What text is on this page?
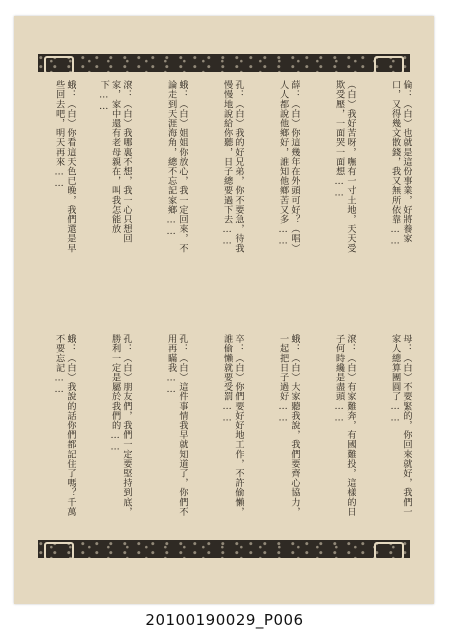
倫：（白）也就是這份事業，好將養家口，又得幾文散錢，我又無所依靠……
（白）我好苦呀，嘸有一寸土地，天天受欺受壓，一面哭一面想……
薛：（白）你這幾年在外頭可好？（唱）人人都說他鄉好，誰知他鄉苦又多……
孔：（白）我的好兄弟，你不要急，待我慢慢地說給你聽，日子總要過下去……
蛾：（白）姐姐你放心，我一定回來，不論走到天涯海角，總不忘記家鄉……
滾：（白）我哪裏不想，我一心只想回家，家中還有老母親在，叫我怎能放下……
蛾：（白）你看這天色已晚，我們還是早些回去吧，明天再來……
母：（白）不要緊的，你回來就好，我們一家人總算團圓了……
滾：（白）有家難奔，有國難投，這樣的日子何時纔是盡頭……
蛾：（白）大家聽我說，我們要齊心協力，一起把日子過好……
卒：（白）你們要好好地工作，不許偷懶，誰偷懶就要受罰……
孔：（白）這件事情我早就知道了，你們不用再瞞我……
孔：（白）朋友們，我們一定要堅持到底，勝利一定是屬於我們的……
蛾：（白）我說的話你們都記住了嗎？千萬不要忘記……
20100190029_P006
